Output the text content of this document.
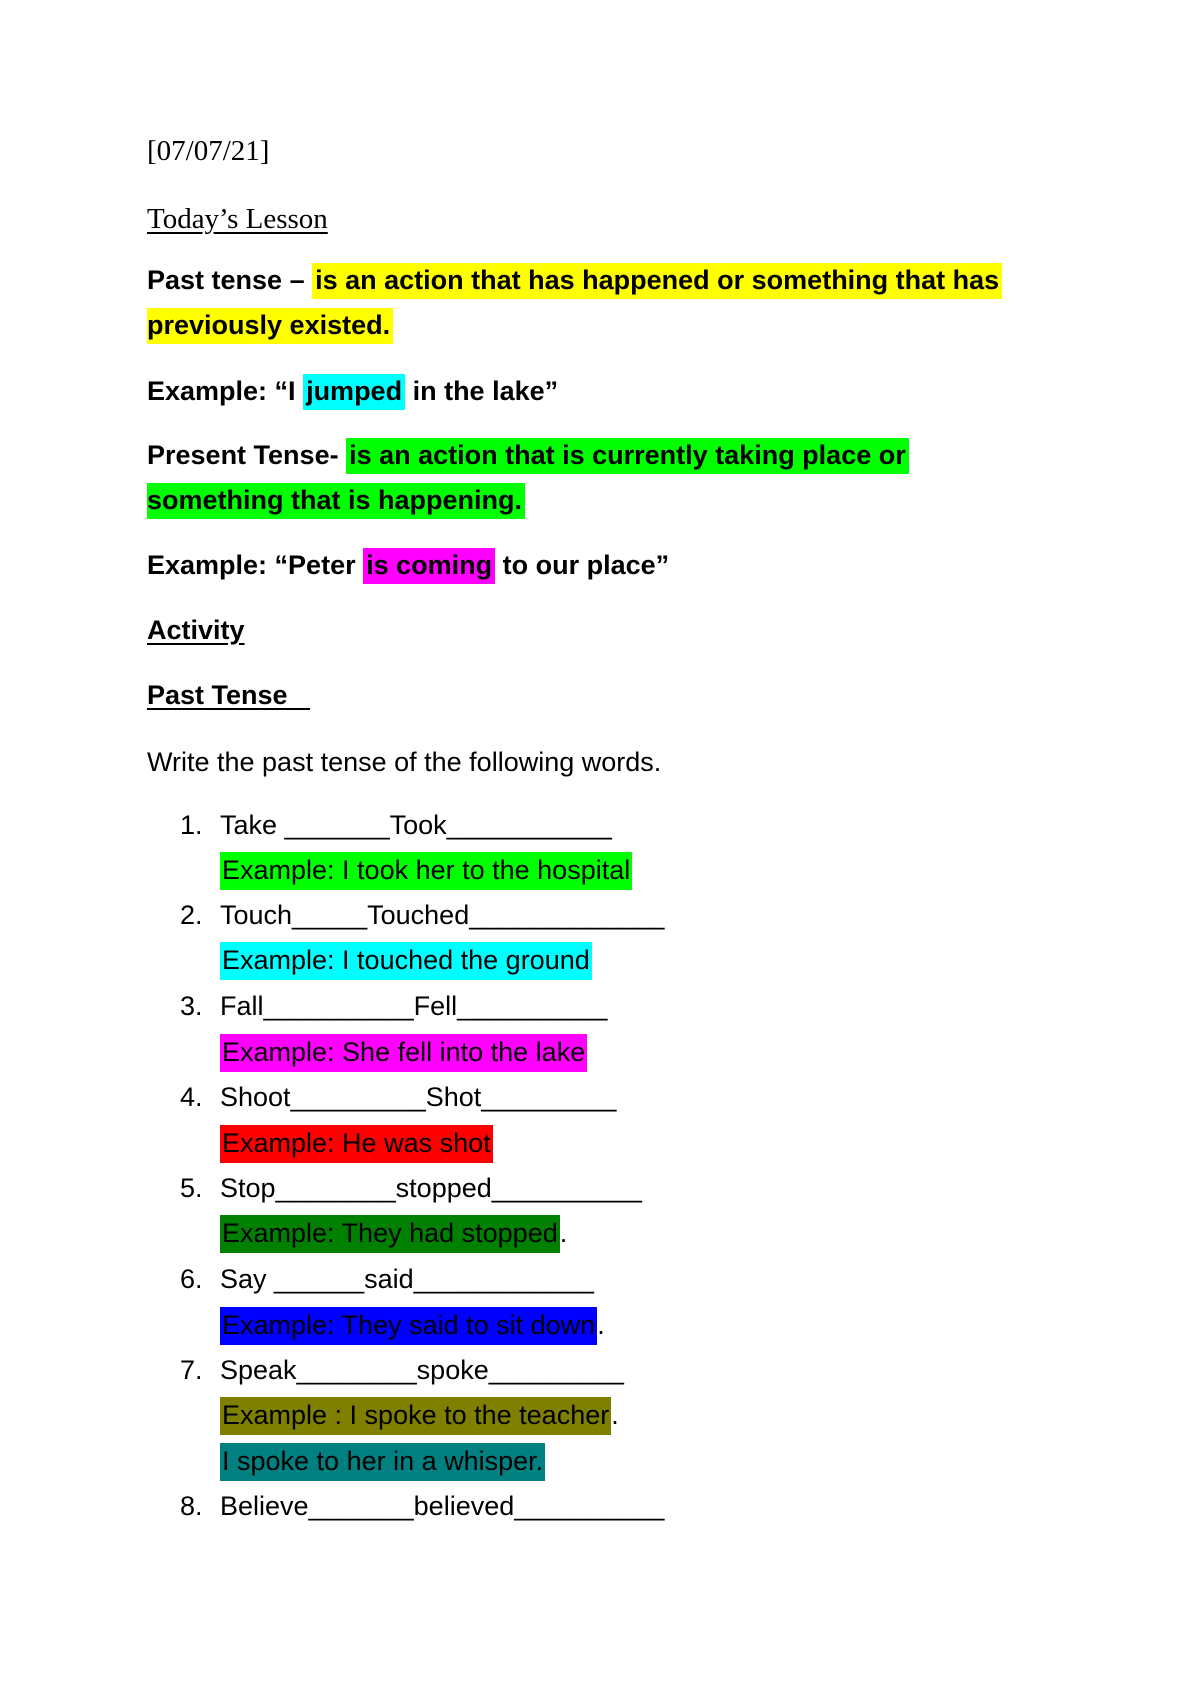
[07/07/21]
Today’s Lesson
Past tense – is an action that has happened or something that has
previously existed.
Example: “I jumped in the lake”
Present Tense- is an action that is currently taking place or
something that is happening.
Example: “Peter is coming to our place”
Activity
Past Tense
Write the past tense of the following words.
1. Take _______Took___________
Example: I took her to the hospital
2. Touch_____Touched_____________
Example: I touched the ground
3. Fall__________Fell__________
Example: She fell into the lake
4. Shoot_________Shot_________
Example: He was shot
5. Stop________stopped__________
Example: They had stopped.
6. Say ______said____________
Example: They said to sit down.
7. Speak________spoke_________
Example : I spoke to the teacher.
I spoke to her in a whisper.
8. Believe_______believed__________
